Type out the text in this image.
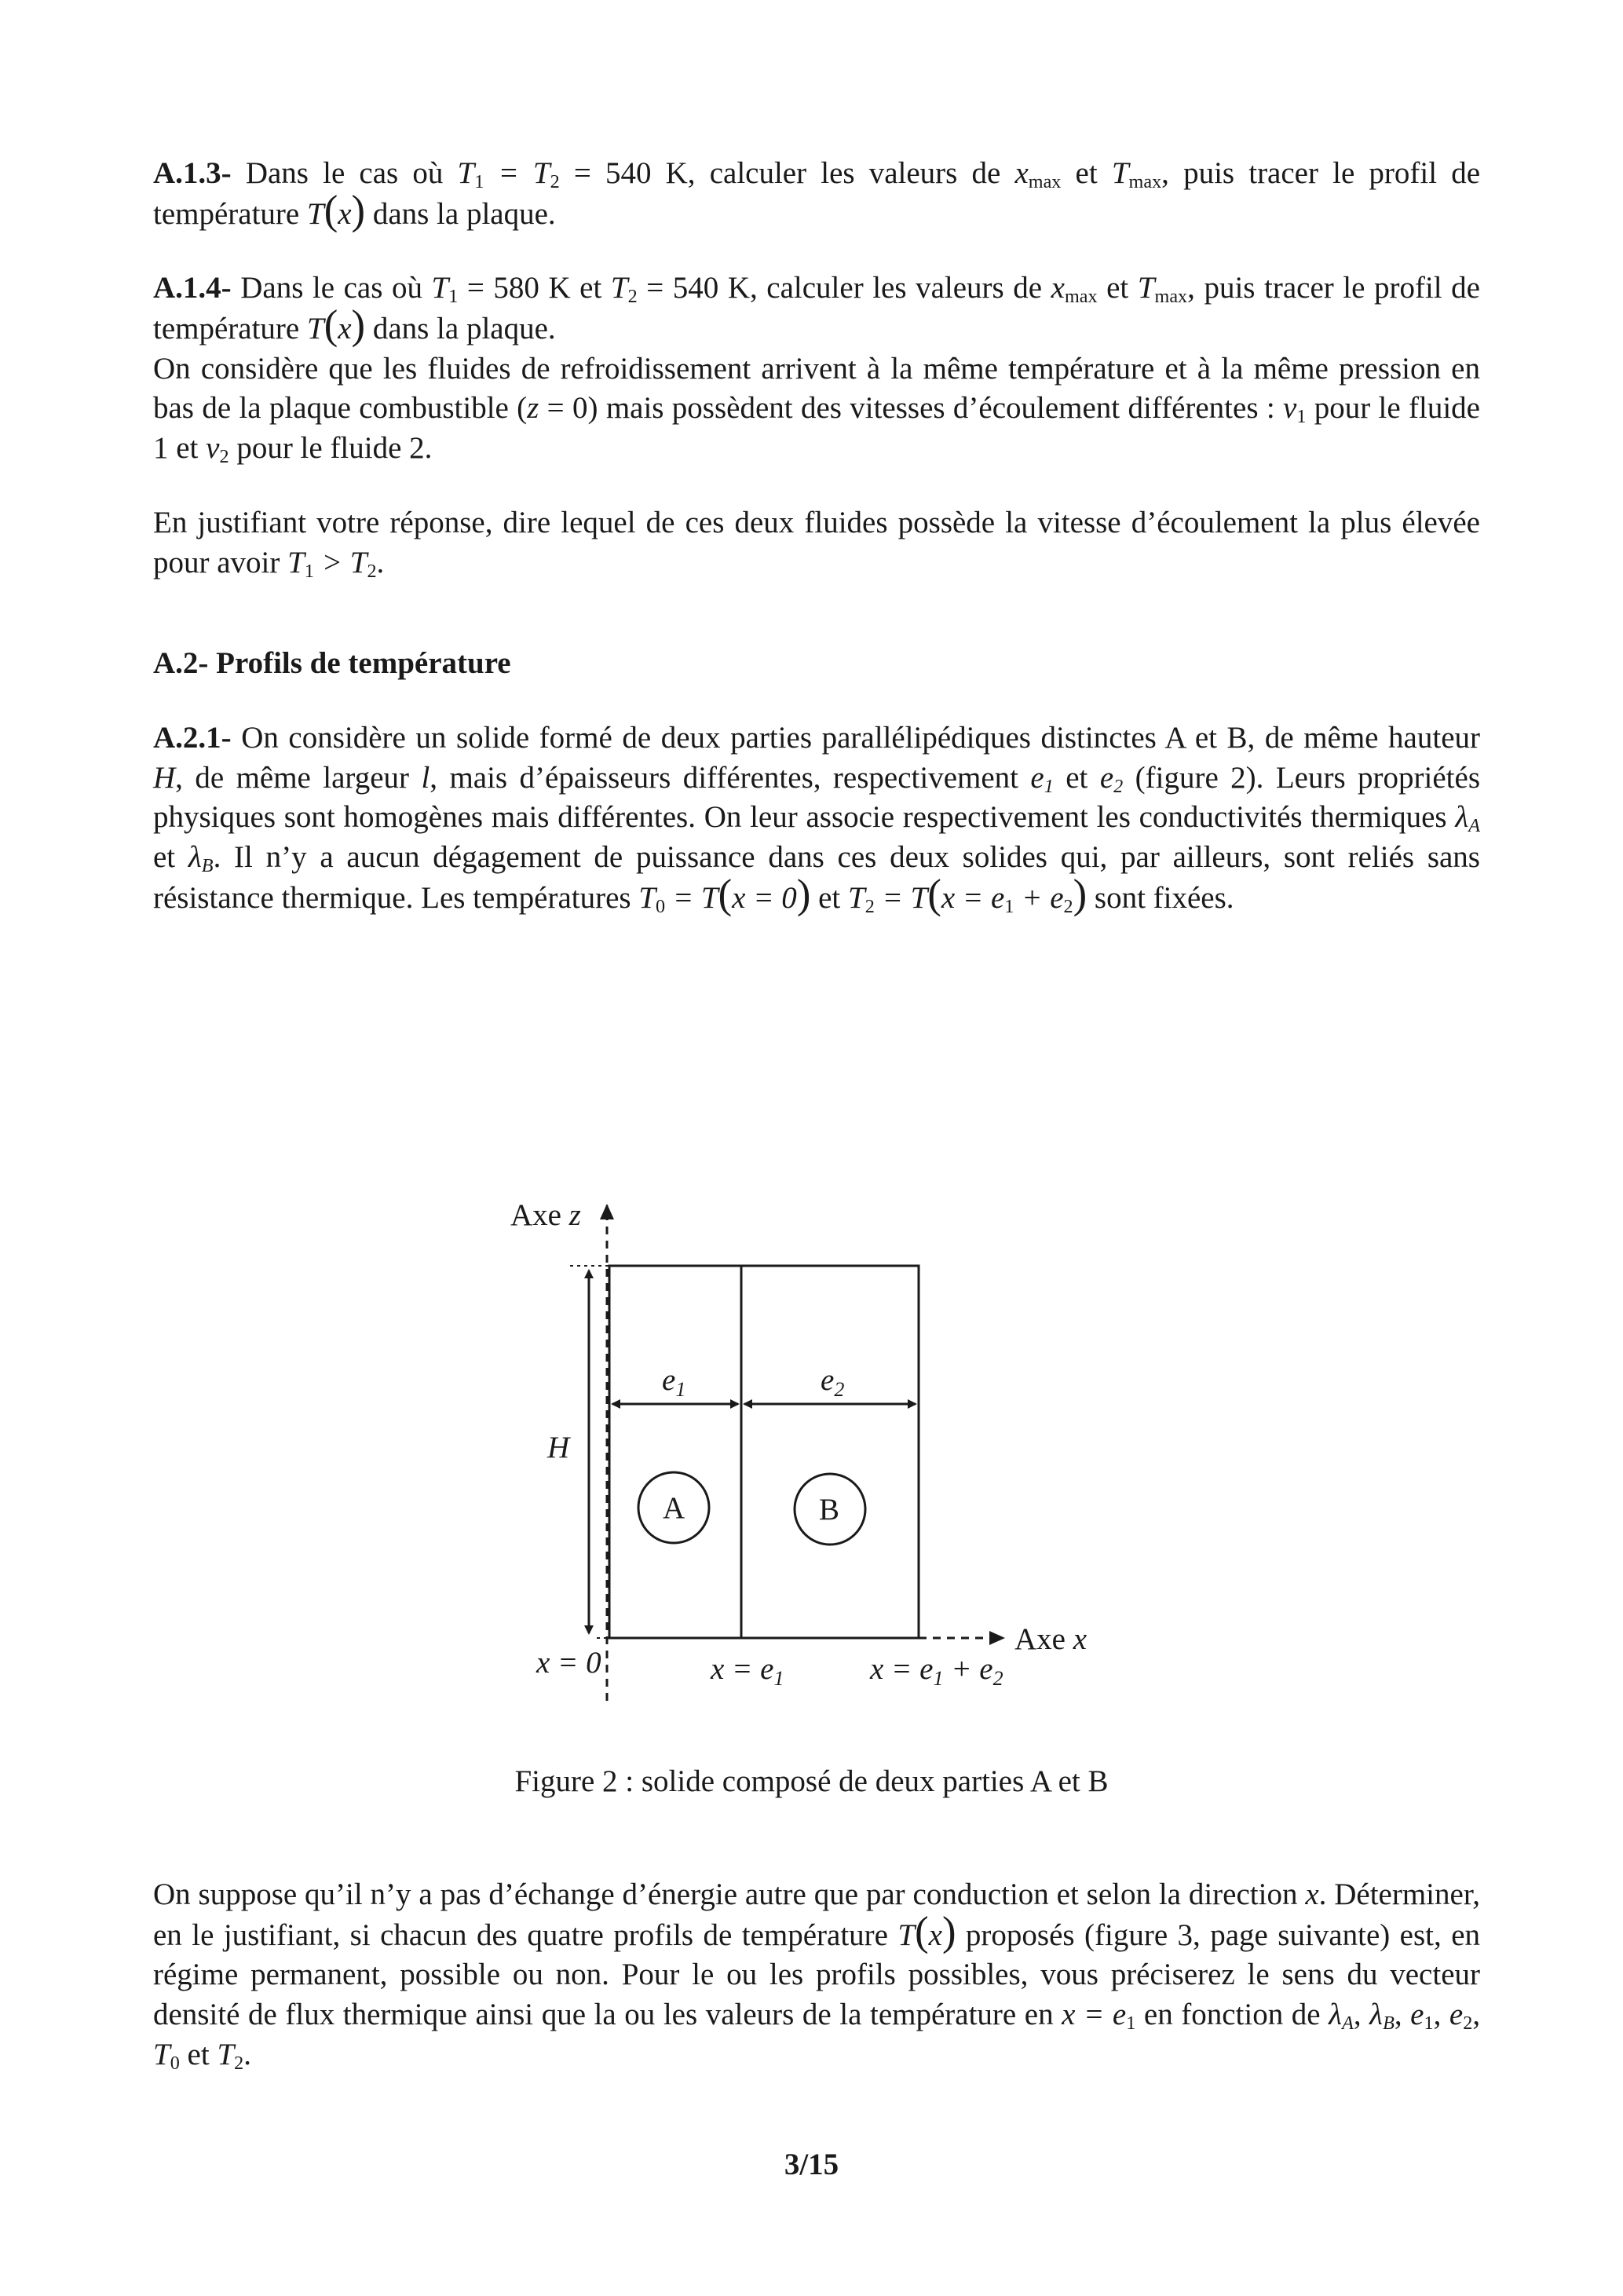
A.1.3- Dans le cas où $T_1 = T_2 = 540$ K, calculer les valeurs de $x_{max}$ et $T_{max}$, puis tracer le profil de température T(x) dans la plaque.

A.1.4- Dans le cas où $T_1 = 580$ K et $T_2 = 540$ K, calculer les valeurs de $x_{max}$ et $T_{max}$, puis tracer le profil de température T(x) dans la plaque.

On considère que les fluides de refroidissement arrivent à la même température et à la même pression en bas de la plaque combustible (z = 0) mais possèdent des vitesses d’écoulement différentes : $v_1$ pour le fluide 1 et $v_2$ pour le fluide 2.

En justifiant votre réponse, dire lequel de ces deux fluides possède la vitesse d’écoulement la plus élevée pour avoir $T_1 > T_2$.

A.2- Profils de température

A.2.1- On considère un solide formé de deux parties parallélipédiques distinctes A et B, de même hauteur H, de même largeur l, mais d’épaisseurs différentes, respectivement $e_1$ et $e_2$ (figure 2). Leurs propriétés physiques sont homogènes mais différentes. On leur associe respectivement les conductivités thermiques $\lambda_A$ et $\lambda_B$. Il n’y a aucun dégagement de puissance dans ces deux solides qui, par ailleurs, sont reliés sans résistance thermique. Les températures $T_0 = T(x = 0)$ et $T_2 = T(x = e_1 + e_2)$ sont fixées.

Axe z
Axe x
H
$e_1$	$e_2$
A	B
x = 0	$x = e_1$	$x = e_1 + e_2$
Figure 2 : solide composé de deux parties A et B

On suppose qu’il n’y a pas d’échange d’énergie autre que par conduction et selon la direction x. Déterminer, en le justifiant, si chacun des quatre profils de température T(x) proposés (figure 3, page suivante) est, en régime permanent, possible ou non. Pour le ou les profils possibles, vous préciserez le sens du vecteur densité de flux thermique ainsi que la ou les valeurs de la température en $x = e_1$ en fonction de $\lambda_A$, $\lambda_B$, $e_1$, $e_2$, $T_0$ et $T_2$.

3/15
